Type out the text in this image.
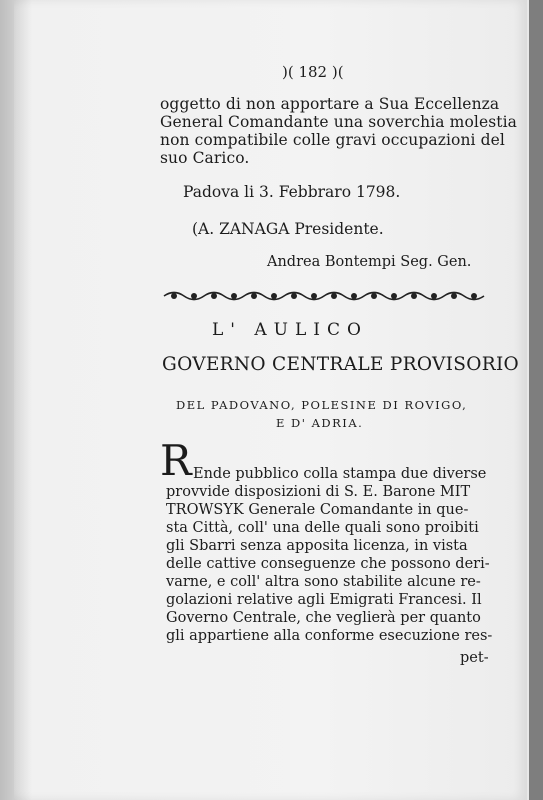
)( 182 )(
oggetto di non apportare a Sua Eccellenza
General Comandante una soverchia molestia
non compatibile colle gravi occupazioni del
suo Carico.
Padova li 3. Febbraro 1798.
(A. ZANAGA Presidente.
Andrea Bontempi Seg. Gen.
L' AULICO
GOVERNO CENTRALE PROVISORIO
DEL PADOVANO, POLESINE DI ROVIGO,
E D' ADRIA.
R Ende pubblico colla stampa due diverse
provvide disposizioni di S. E. Barone MIT
TROWSYK Generale Comandante in que-
sta Città, coll' una delle quali sono proibiti
gli Sbarri senza apposita licenza, in vista
delle cattive conseguenze che possono deri-
varne, e coll' altra sono stabilite alcune re-
golazioni relative agli Emigrati Francesi. Il
Governo Centrale, che veglierà per quanto
gli appartiene alla conforme esecuzione res-
pet-
